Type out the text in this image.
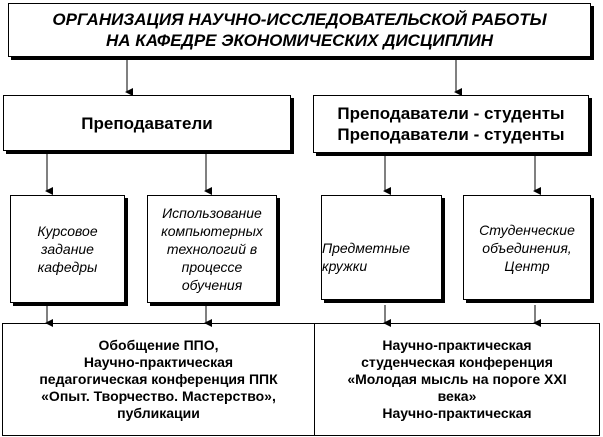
ОРГАНИЗАЦИЯ НАУЧНО-ИССЛЕДОВАТЕЛЬСКОЙ РАБОТЫ
НА КАФЕДРЕ ЭКОНОМИЧЕСКИХ ДИСЦИПЛИН
Преподаватели	Преподаватели - студенты
Преподаватели - студенты
Курсовое
задание
кафедры
Использование
компьютерных
технологий в
процессе
обучения
Предметные
кружки
Студенческие
объединения,
Центр
Обобщение ППО,
Научно-практическая
педагогическая конференция ППК
«Опыт. Творчество. Мастерство»,
публикации
Научно-практическая
студенческая конференция
«Молодая мысль на пороге XXI
века»
Научно-практическая
